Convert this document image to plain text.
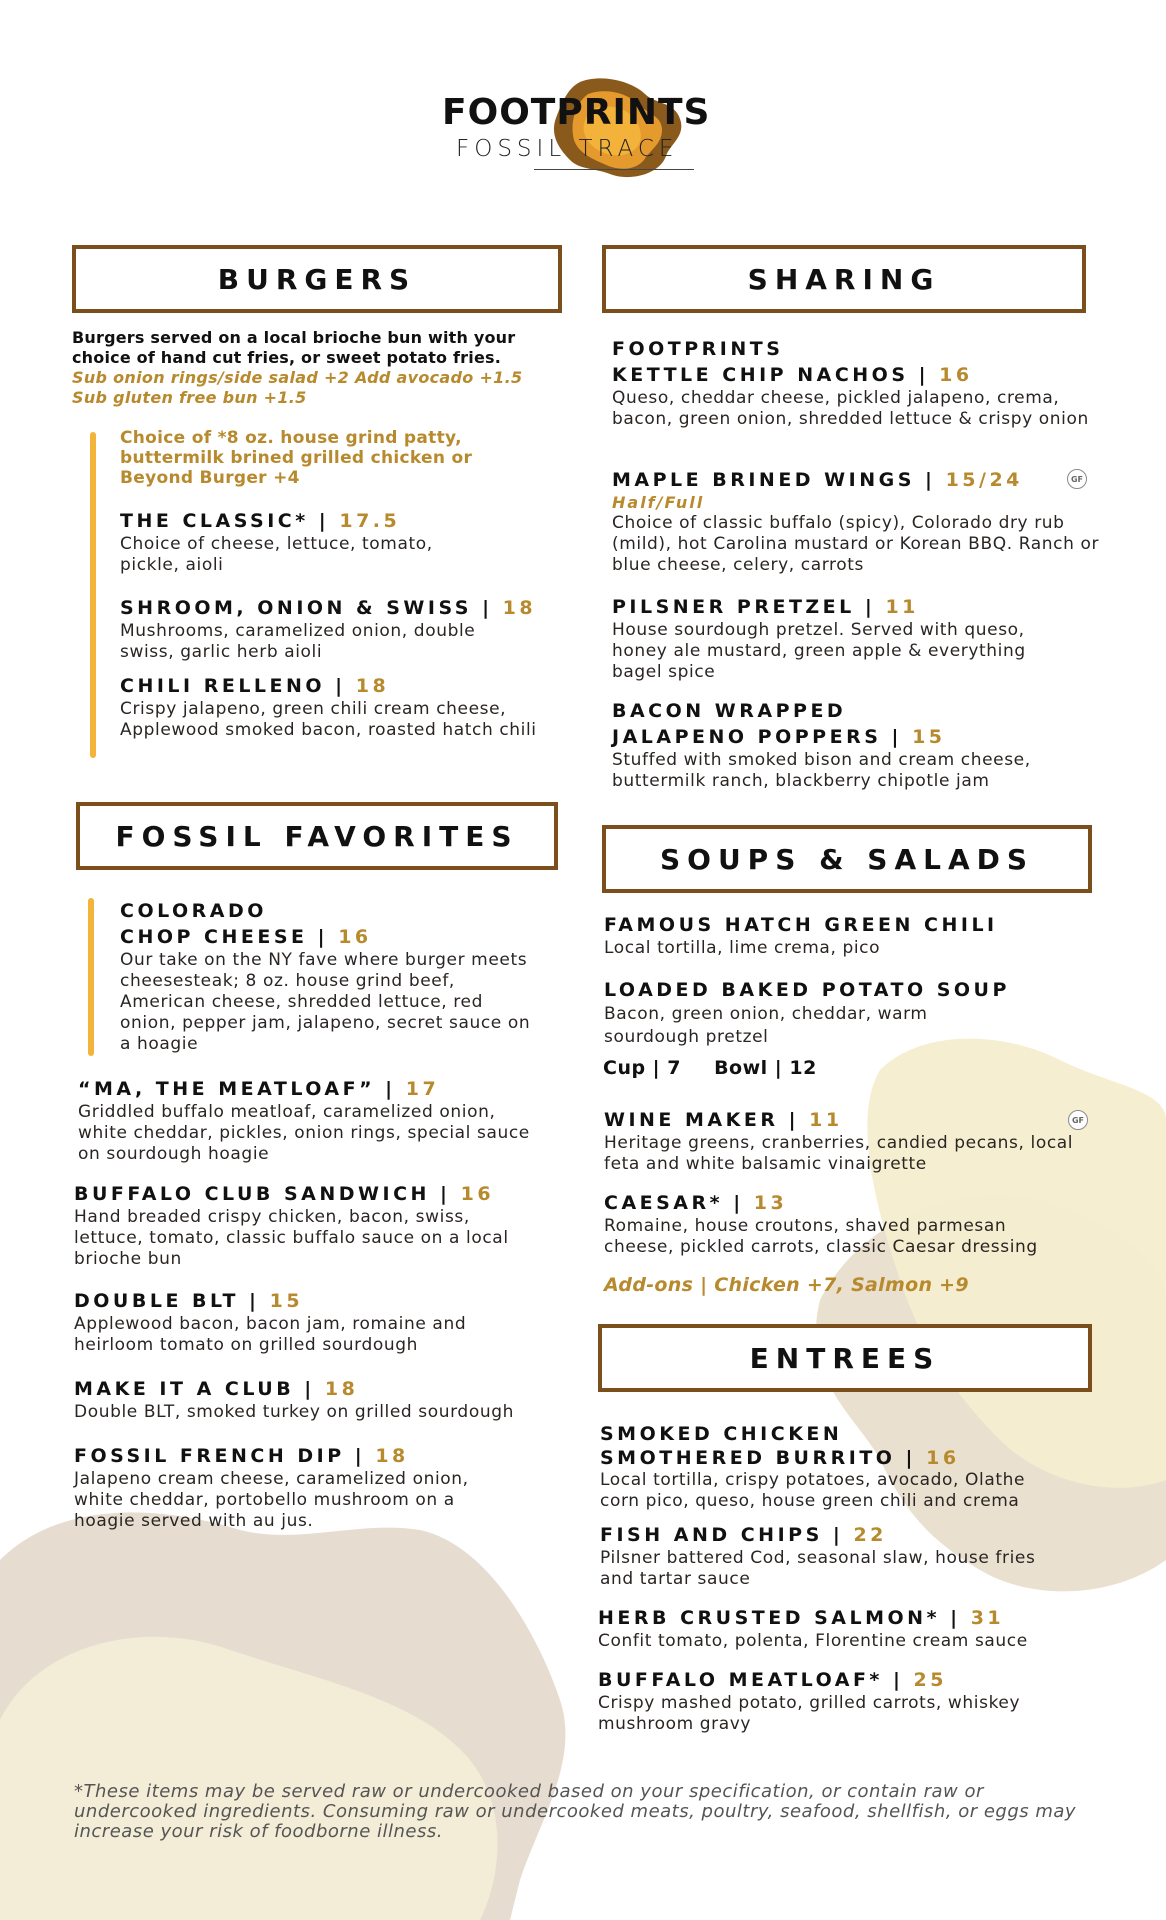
FOOTPRINTS
FOSSIL TRACE
BURGERS
Burgers served on a local brioche bun with your choice of hand cut fries, or sweet potato fries.
Sub onion rings/side salad +2 Add avocado +1.5
Sub gluten free bun +1.5
Choice of *8 oz. house grind patty, buttermilk brined grilled chicken or Beyond Burger +4
THE CLASSIC* | 17.5
Choice of cheese, lettuce, tomato, pickle, aioli
SHROOM, ONION & SWISS | 18
Mushrooms, caramelized onion, double swiss, garlic herb aioli
CHILI RELLENO | 18
Crispy jalapeno, green chili cream cheese, Applewood smoked bacon, roasted hatch chili
FOSSIL FAVORITES
COLORADO
CHOP CHEESE | 16
Our take on the NY fave where burger meets cheesesteak; 8 oz. house grind beef, American cheese, shredded lettuce, red onion, pepper jam, jalapeno, secret sauce on a hoagie
“MA, THE MEATLOAF” | 17
Griddled buffalo meatloaf, caramelized onion, white cheddar, pickles, onion rings, special sauce on sourdough hoagie
BUFFALO CLUB SANDWICH | 16
Hand breaded crispy chicken, bacon, swiss, lettuce, tomato, classic buffalo sauce on a local brioche bun
DOUBLE BLT | 15
Applewood bacon, bacon jam, romaine and heirloom tomato on grilled sourdough
MAKE IT A CLUB | 18
Double BLT, smoked turkey on grilled sourdough
FOSSIL FRENCH DIP | 18
Jalapeno cream cheese, caramelized onion, white cheddar, portobello mushroom on a hoagie served with au jus.
SHARING
FOOTPRINTS
KETTLE CHIP NACHOS | 16
Queso, cheddar cheese, pickled jalapeno, crema, bacon, green onion, shredded lettuce & crispy onion
MAPLE BRINED WINGS | 15/24
Half/Full
Choice of classic buffalo (spicy), Colorado dry rub (mild), hot Carolina mustard or Korean BBQ. Ranch or blue cheese, celery, carrots
GF
PILSNER PRETZEL | 11
House sourdough pretzel. Served with queso, honey ale mustard, green apple & everything bagel spice
BACON WRAPPED
JALAPENO POPPERS | 15
Stuffed with smoked bison and cream cheese, buttermilk ranch, blackberry chipotle jam
SOUPS & SALADS
FAMOUS HATCH GREEN CHILI
Local tortilla, lime crema, pico
LOADED BAKED POTATO SOUP
Bacon, green onion, cheddar, warm sourdough pretzel
Cup | 7 Bowl | 12
WINE MAKER | 11
Heritage greens, cranberries, candied pecans, local feta and white balsamic vinaigrette
GF
CAESAR* | 13
Romaine, house croutons, shaved parmesan cheese, pickled carrots, classic Caesar dressing
Add-ons | Chicken +7, Salmon +9
ENTREES
SMOKED CHICKEN
SMOTHERED BURRITO | 16
Local tortilla, crispy potatoes, avocado, Olathe corn pico, queso, house green chili and crema
FISH AND CHIPS | 22
Pilsner battered Cod, seasonal slaw, house fries and tartar sauce
HERB CRUSTED SALMON* | 31
Confit tomato, polenta, Florentine cream sauce
BUFFALO MEATLOAF* | 25
Crispy mashed potato, grilled carrots, whiskey mushroom gravy
*These items may be served raw or undercooked based on your specification, or contain raw or undercooked ingredients. Consuming raw or undercooked meats, poultry, seafood, shellfish, or eggs may increase your risk of foodborne illness.
